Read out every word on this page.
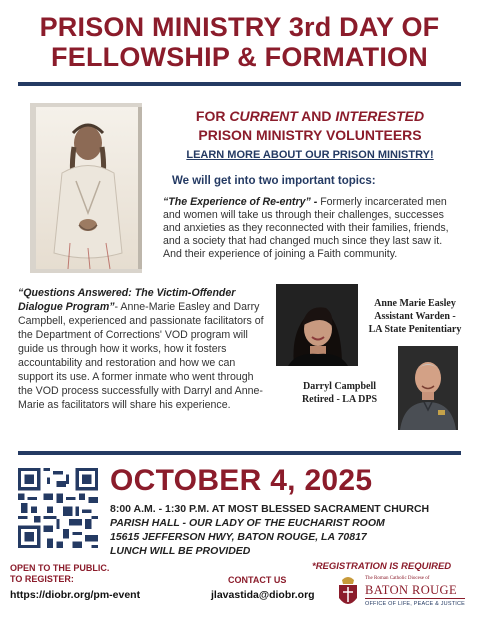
PRISON MINISTRY 3rd DAY OF
FELLOWSHIP & FORMATION
FOR CURRENT AND INTERESTED
PRISON MINISTRY VOLUNTEERS
LEARN MORE ABOUT OUR PRISON MINISTRY!
We will get into two important topics:
“The Experience of Re-entry” - Formerly incarcerated men and women will take us through their challenges, successes and anxieties as they reconnected with their families, friends, and a society that had changed much since they last saw it. And their experience of joining a Faith community.
“Questions Answered: The Victim-Offender Dialogue Program”- Anne-Marie Easley and Darry Campbell, experienced and passionate facilitators of the Department of Corrections' VOD program will guide us through how it works, how it fosters accountability and restoration and how we can support its use. A former inmate who went through the VOD process successfully with Darryl and Anne-Marie as facilitators will share his experience.
Anne Marie Easley
Assistant Warden -
LA State Penitentiary
Darryl Campbell
Retired - LA DPS
OCTOBER 4, 2025
8:00 A.M. - 1:30 P.M. AT MOST BLESSED SACRAMENT CHURCH
PARISH HALL - OUR LADY OF THE EUCHARIST ROOM
15615 JEFFERSON HWY, BATON ROUGE, LA 70817
LUNCH WILL BE PROVIDED
OPEN TO THE PUBLIC.
TO REGISTER:
https://diobr.org/pm-event
CONTACT US
jlavastida@diobr.org
*REGISTRATION IS REQUIRED
The Roman Catholic Diocese of
BATON ROUGE
OFFICE OF LIFE, PEACE & JUSTICE
